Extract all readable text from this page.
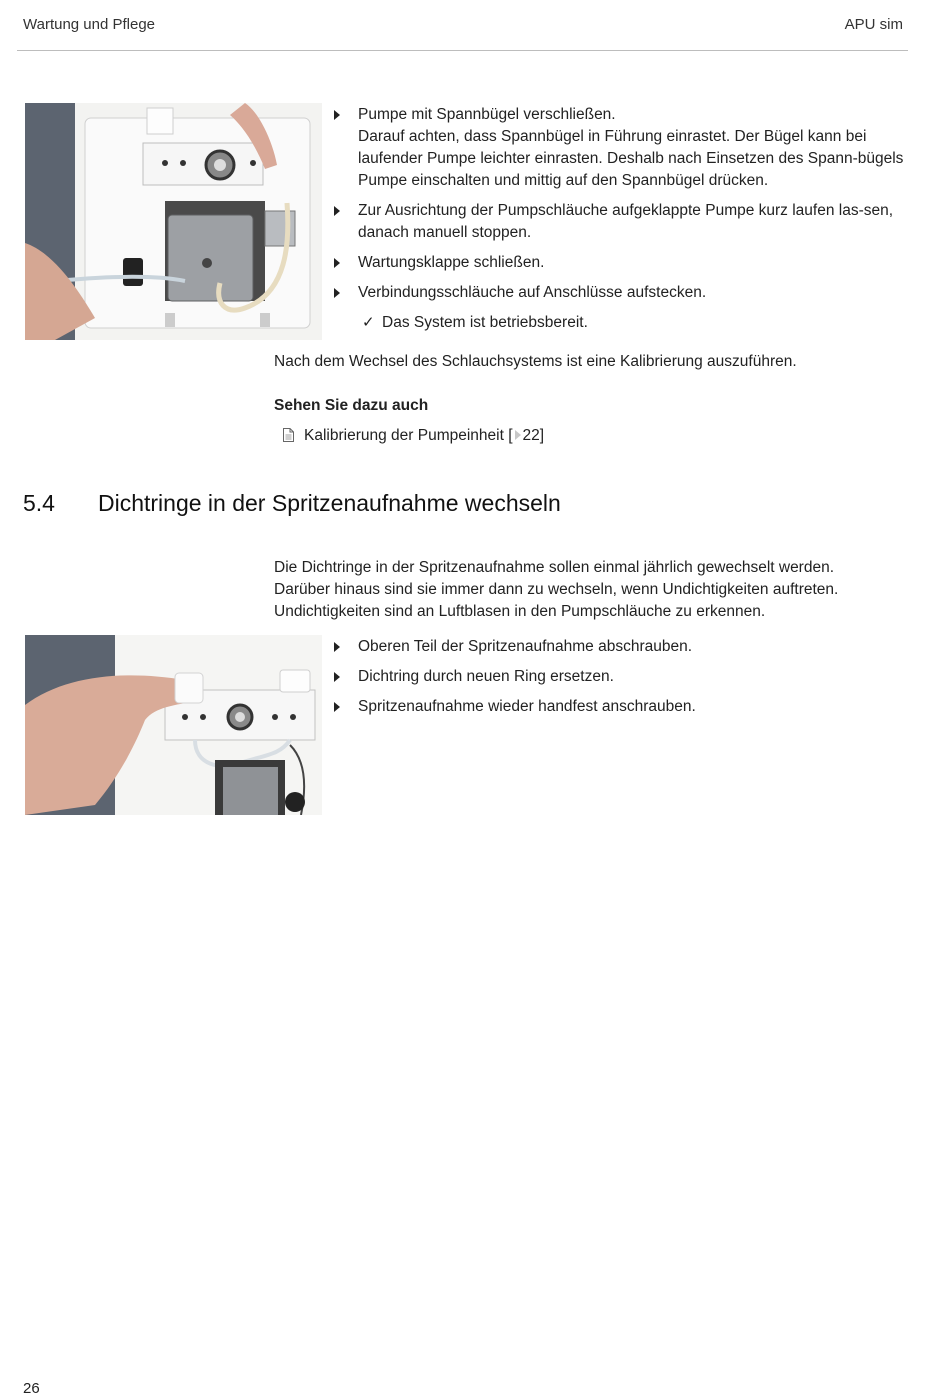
Wartung und Pflege	APU sim
Pumpe mit Spannbügel verschließen.
Darauf achten, dass Spannbügel in Führung einrastet. Der Bügel kann bei laufender Pumpe leichter einrasten. Deshalb nach Einsetzen des Spann-bügels Pumpe einschalten und mittig auf den Spannbügel drücken.
Zur Ausrichtung der Pumpschläuche aufgeklappte Pumpe kurz laufen las-sen, danach manuell stoppen.
Wartungsklappe schließen.
Verbindungsschläuche auf Anschlüsse aufstecken.
✓ Das System ist betriebsbereit.

Nach dem Wechsel des Schlauchsystems ist eine Kalibrierung auszuführen.

Sehen Sie dazu auch
Kalibrierung der Pumpeinheit [ 22]
5.4 Dichtringe in der Spritzenaufnahme wechseln
Die Dichtringe in der Spritzenaufnahme sollen einmal jährlich gewechselt werden.
Darüber hinaus sind sie immer dann zu wechseln, wenn Undichtigkeiten auftreten.
Undichtigkeiten sind an Luftblasen in den Pumpschläuche zu erkennen.
Oberen Teil der Spritzenaufnahme abschrauben.
Dichtring durch neuen Ring ersetzen.
Spritzenaufnahme wieder handfest anschrauben.
26
